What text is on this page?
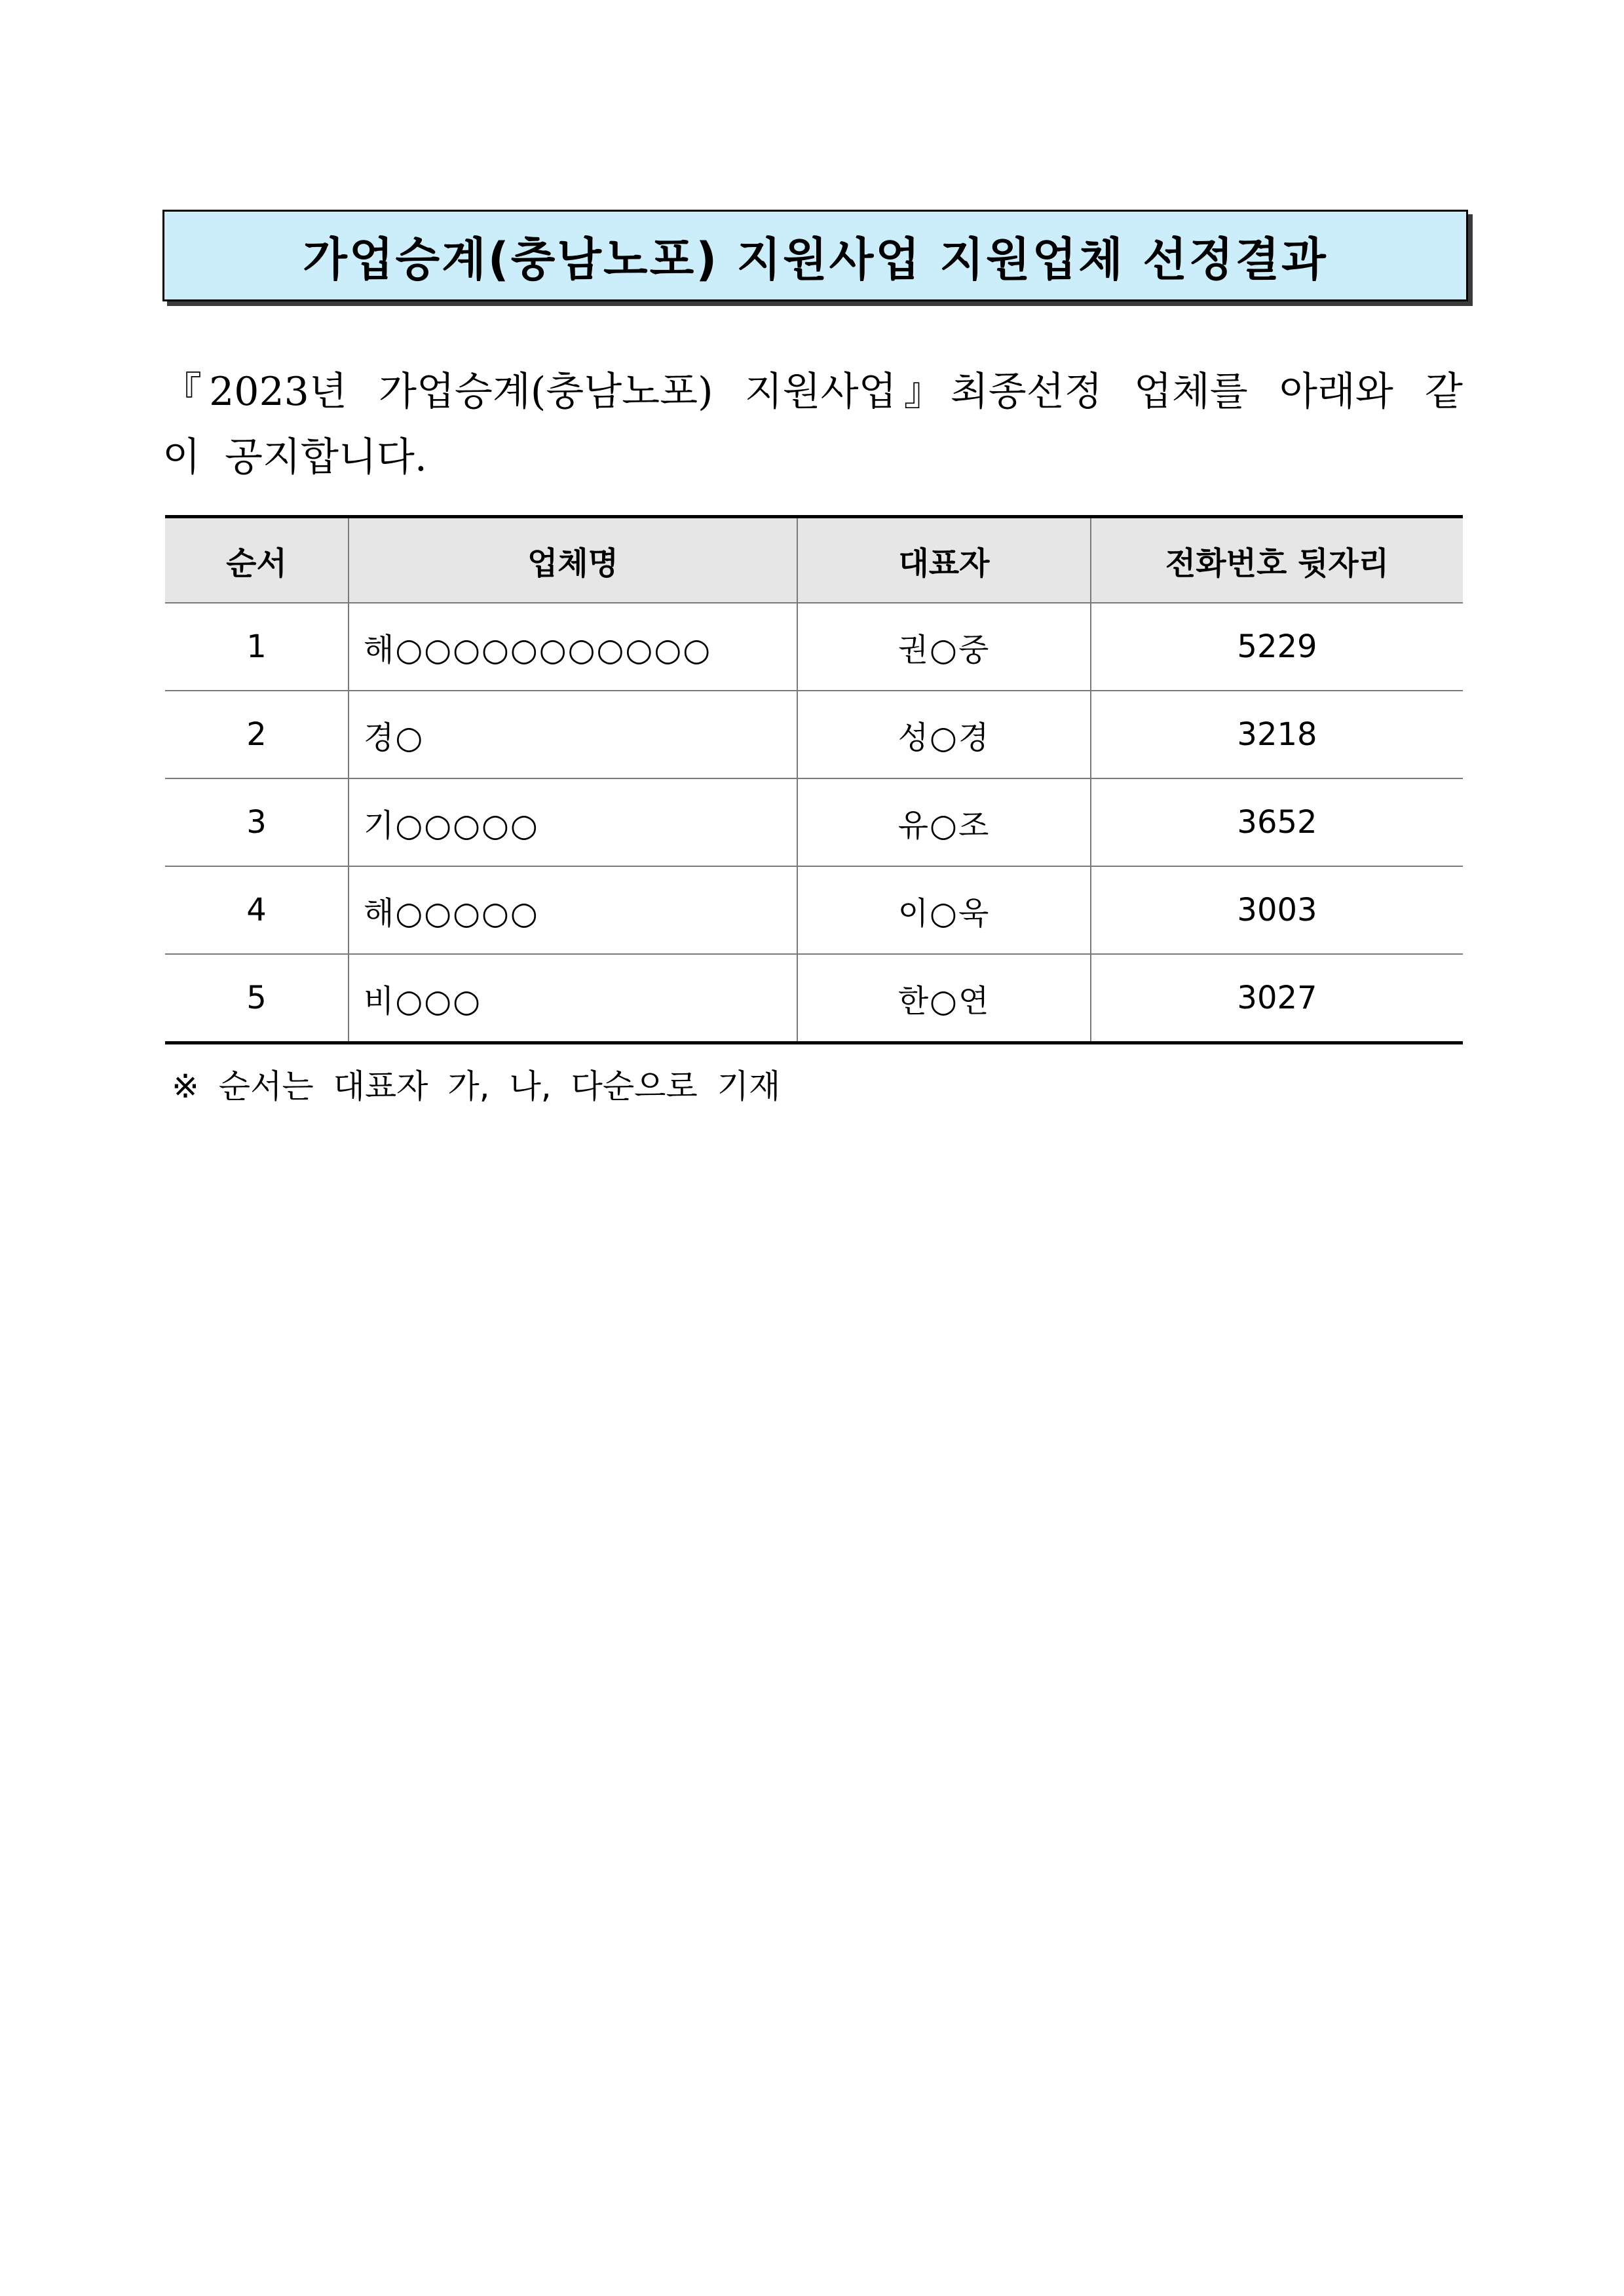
가업승계(충남노포) 지원사업 지원업체 선정결과
『2023년 가업승계(충남노포) 지원사업』최종선정 업체를 아래와 같
이 공지합니다.
순서	업체명	대표자	전화번호 뒷자리
1	해○○○○○○○○○○○	권○중	5229
2	경○	성○경	3218
3	기○○○○○	유○조	3652
4	해○○○○○	이○욱	3003
5	비○○○	한○연	3027
※ 순서는 대표자 가, 나, 다순으로 기재
